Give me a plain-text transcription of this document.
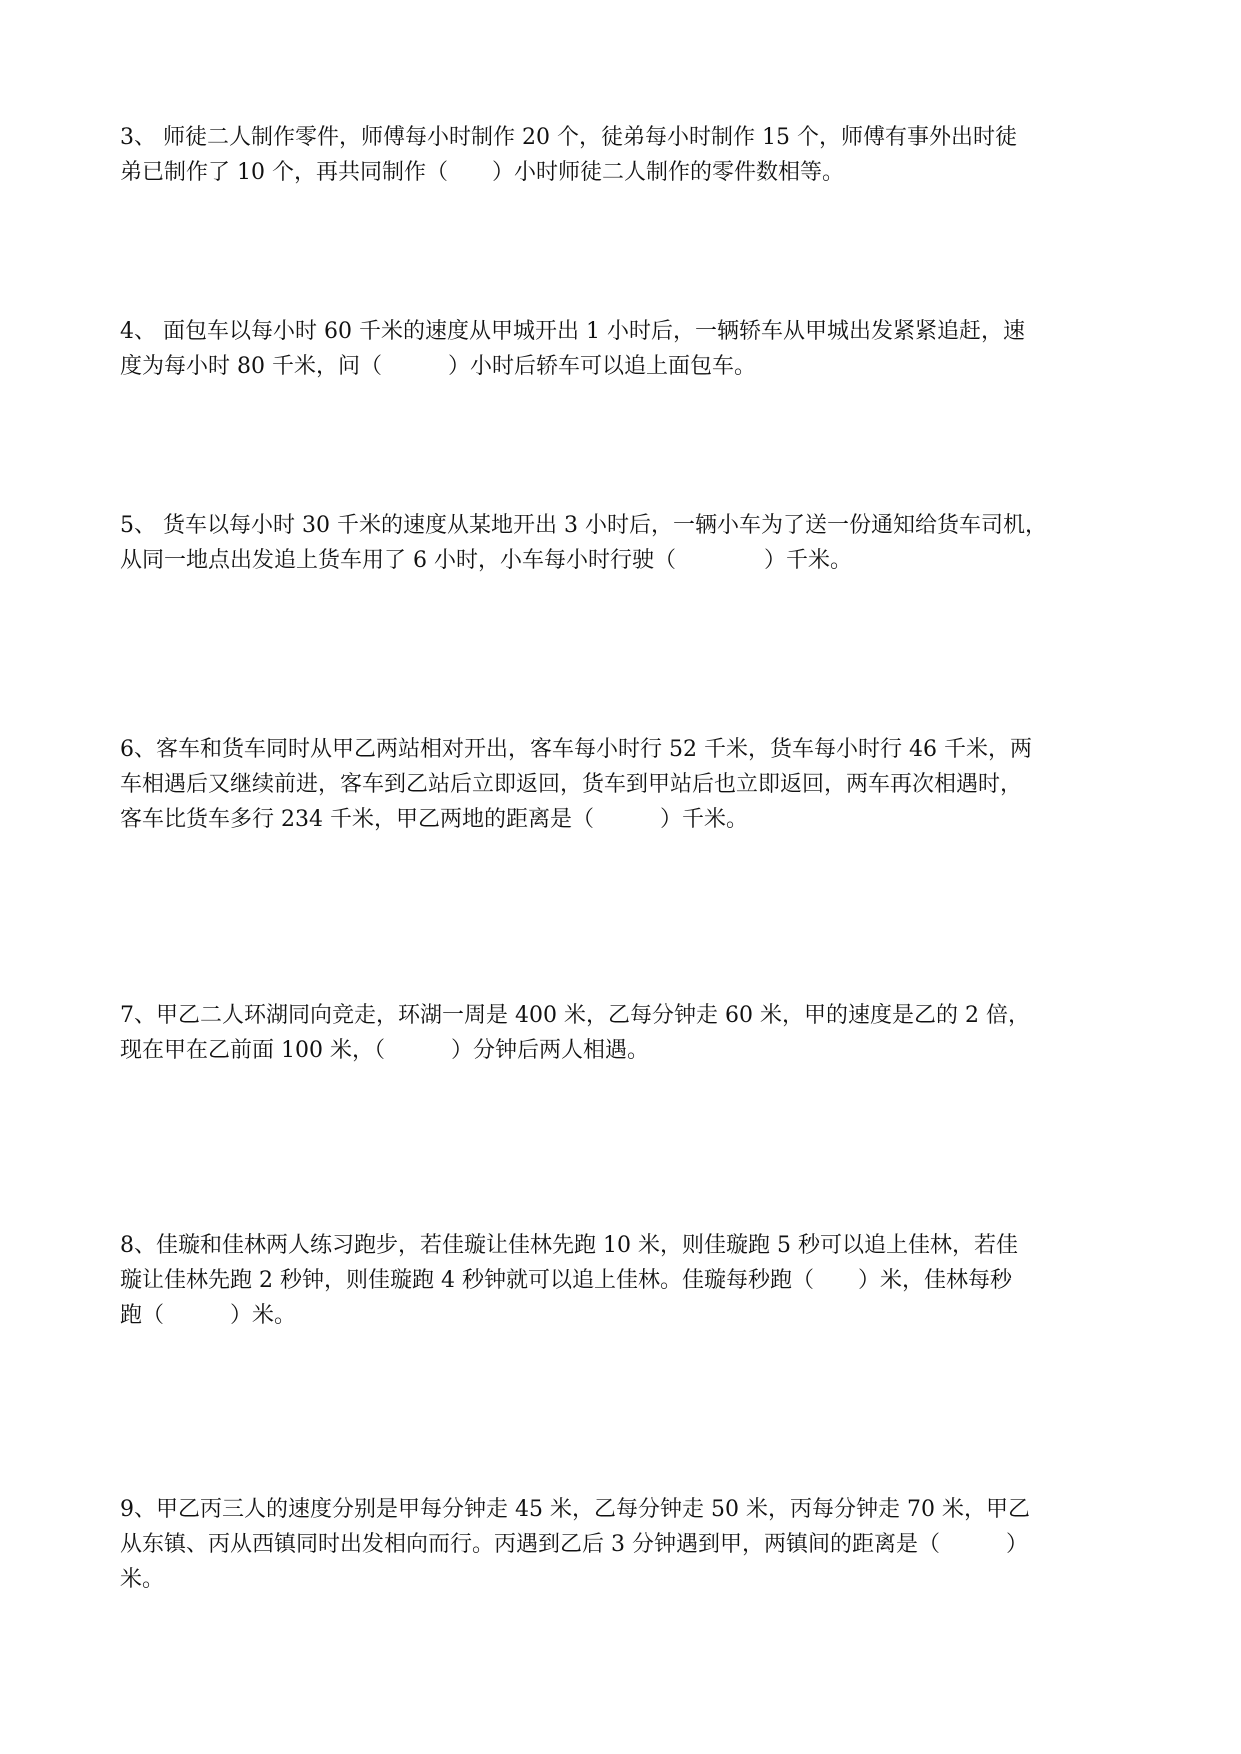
3、 师徒二人制作零件，师傅每小时制作 20 个，徒弟每小时制作 15 个，师傅有事外出时徒
弟已制作了 10 个，再共同制作（　　）小时师徒二人制作的零件数相等。
4、 面包车以每小时 60 千米的速度从甲城开出 1 小时后，一辆轿车从甲城出发紧紧追赶，速
度为每小时 80 千米，问（　　　）小时后轿车可以追上面包车。
5、 货车以每小时 30 千米的速度从某地开出 3 小时后，一辆小车为了送一份通知给货车司机，
从同一地点出发追上货车用了 6 小时，小车每小时行驶（　　　　）千米。
6、客车和货车同时从甲乙两站相对开出，客车每小时行 52 千米，货车每小时行 46 千米，两
车相遇后又继续前进，客车到乙站后立即返回，货车到甲站后也立即返回，两车再次相遇时，
客车比货车多行 234 千米，甲乙两地的距离是（　　　）千米。
7、甲乙二人环湖同向竞走，环湖一周是 400 米，乙每分钟走 60 米，甲的速度是乙的 2 倍，
现在甲在乙前面 100 米，（　　　）分钟后两人相遇。
8、佳璇和佳林两人练习跑步，若佳璇让佳林先跑 10 米，则佳璇跑 5 秒可以追上佳林，若佳
璇让佳林先跑 2 秒钟，则佳璇跑 4 秒钟就可以追上佳林。佳璇每秒跑（　　）米，佳林每秒
跑（　　　）米。
9、甲乙丙三人的速度分别是甲每分钟走 45 米，乙每分钟走 50 米，丙每分钟走 70 米，甲乙
从东镇、丙从西镇同时出发相向而行。丙遇到乙后 3 分钟遇到甲，两镇间的距离是（　　　）
米。
